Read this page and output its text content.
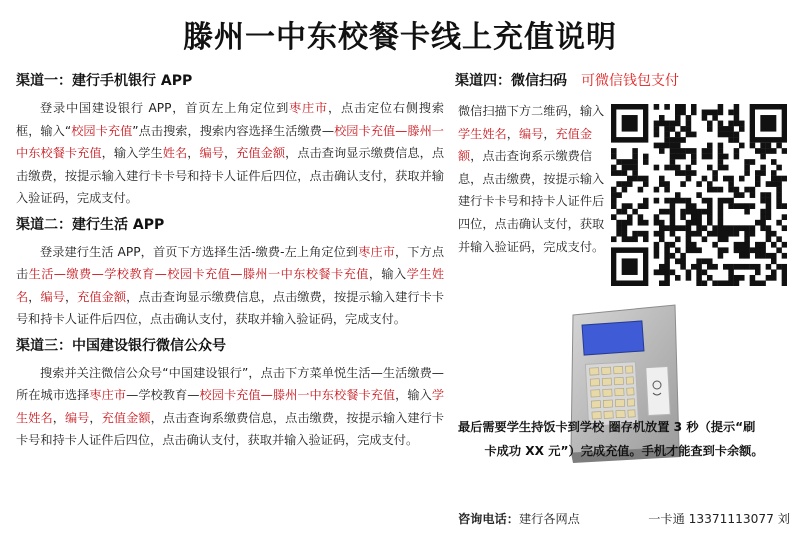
滕州一中东校餐卡线上充值说明
渠道一：建行手机银行 APP

登录中国建设银行 APP，首页左上角定位到枣庄市，点击定位右侧搜索框，输入“校园卡充值”点击搜索，搜索内容选择生活缴费—校园卡充值—滕州一中东校餐卡充值，输入学生姓名，编号，充值金额，点击查询显示缴费信息，点击缴费，按提示输入建行卡卡号和持卡人证件后四位，点击确认支付，获取并输入验证码，完成支付。

渠道二：建行生活 APP

登录建行生活 APP，首页下方选择生活-缴费-左上角定位到枣庄市，下方点击生活—缴费—学校教育—校园卡充值—滕州一中东校餐卡充值，输入学生姓名，编号，充值金额，点击查询显示缴费信息，点击缴费，按提示输入建行卡卡号和持卡人证件后四位，点击确认支付，获取并输入验证码，完成支付。

渠道三：中国建设银行微信公众号

搜索并关注微信公众号“中国建设银行”，点击下方菜单悦生活—生活缴费—所在城市选择枣庄市—学校教育—校园卡充值—滕州一中东校餐卡充值，输入学生姓名，编号，充值金额，点击查询系缴费信息，点击缴费，按提示输入建行卡卡号和持卡人证件后四位，点击确认支付，获取并输入验证码，完成支付。

渠道四：微信扫码 可微信钱包支付

微信扫描下方二维码，输入学生姓名，编号，充值金额，点击查询系示缴费信息，点击缴费，按提示输入建行卡卡号和持卡人证件后四位，点击确认支付，获取并输入验证码，完成支付。

最后需要学生持饭卡到学校 圈存机放置 3 秒（提示“刷
卡成功 XX 元”）完成充值。手机才能查到卡余额。
咨询电话：建行各网点	一卡通 13371113077 刘
